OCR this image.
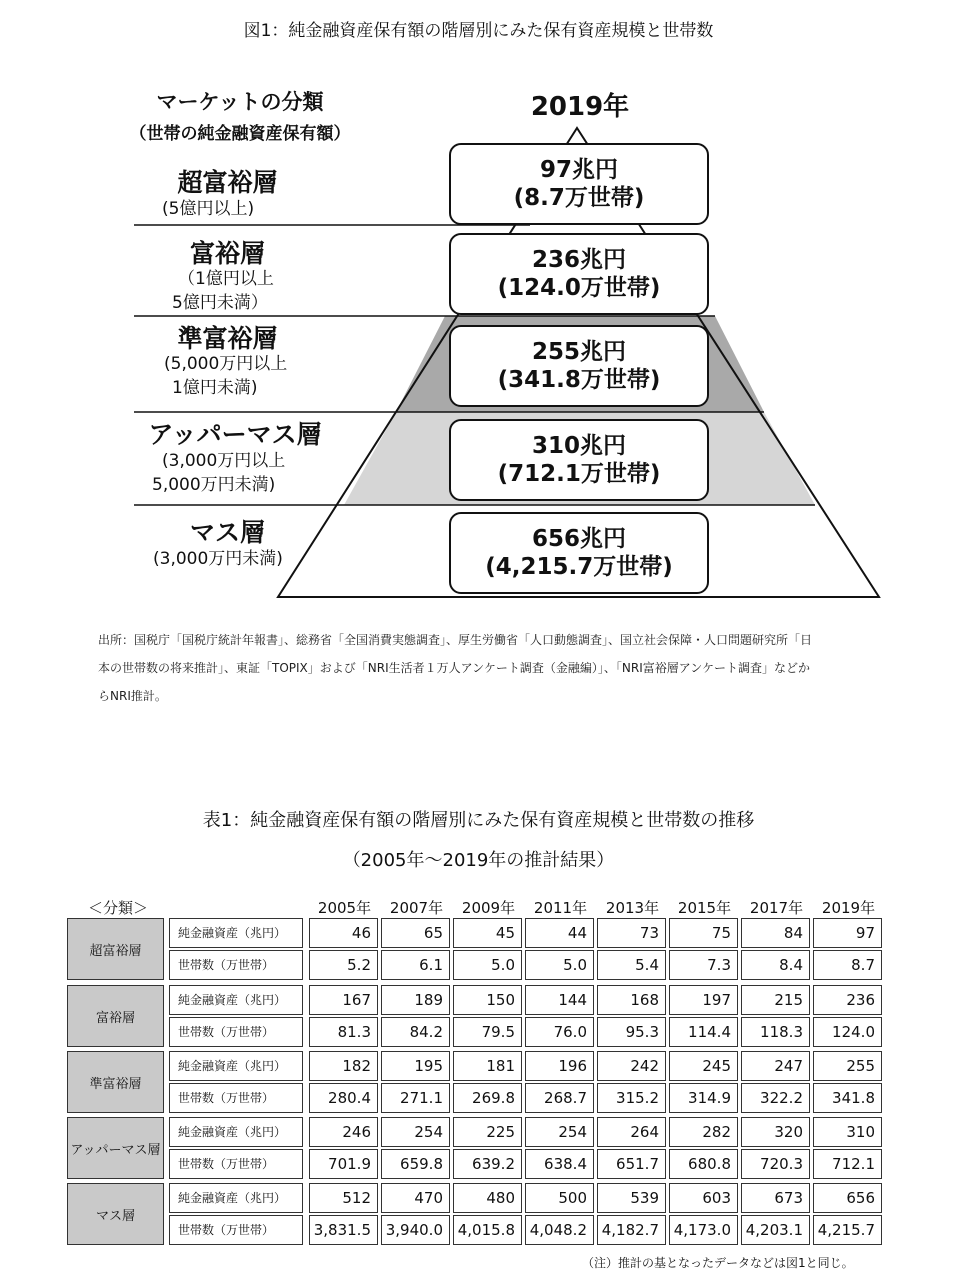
図1：純金融資産保有額の階層別にみた保有資産規模と世帯数
マーケットの分類
（世帯の純金融資産保有額）
2019年
超富裕層
(5億円以上)
富裕層
（1億円以上
5億円未満）
準富裕層
(5,000万円以上
1億円未満)
アッパーマス層
(3,000万円以上
5,000万円未満)
マス層
(3,000万円未満)
97兆円
(8.7万世帯)
236兆円
(124.0万世帯)
255兆円
(341.8万世帯)
310兆円
(712.1万世帯)
656兆円
(4,215.7万世帯)
出所：国税庁「国税庁統計年報書」、総務省「全国消費実態調査」、厚生労働省「人口動態調査」、国立社会保障・人口問題研究所「日
本の世帯数の将来推計」、東証「TOPIX」および「NRI生活者１万人アンケート調査（金融編）」、「NRI富裕層アンケート調査」などか
らNRI推計。
表1：純金融資産保有額の階層別にみた保有資産規模と世帯数の推移
（2005年～2019年の推計結果）
＜分類＞	2005年	2007年	2009年	2011年	2013年	2015年	2017年	2019年
超富裕層
純金融資産（兆円）	46	65	45	44	73	75	84	97
世帯数（万世帯）	5.2	6.1	5.0	5.0	5.4	7.3	8.4	8.7
富裕層
純金融資産（兆円）	167	189	150	144	168	197	215	236
世帯数（万世帯）	81.3	84.2	79.5	76.0	95.3	114.4	118.3	124.0
準富裕層
純金融資産（兆円）	182	195	181	196	242	245	247	255
世帯数（万世帯）	280.4	271.1	269.8	268.7	315.2	314.9	322.2	341.8
アッパーマス層
純金融資産（兆円）	246	254	225	254	264	282	320	310
世帯数（万世帯）	701.9	659.8	639.2	638.4	651.7	680.8	720.3	712.1
マス層
純金融資産（兆円）	512	470	480	500	539	603	673	656
世帯数（万世帯）	3,831.5 3,940.0 4,015.8 4,048.2 4,182.7 4,173.0 4,203.1 4,215.7
（注）推計の基となったデータなどは図1と同じ。
